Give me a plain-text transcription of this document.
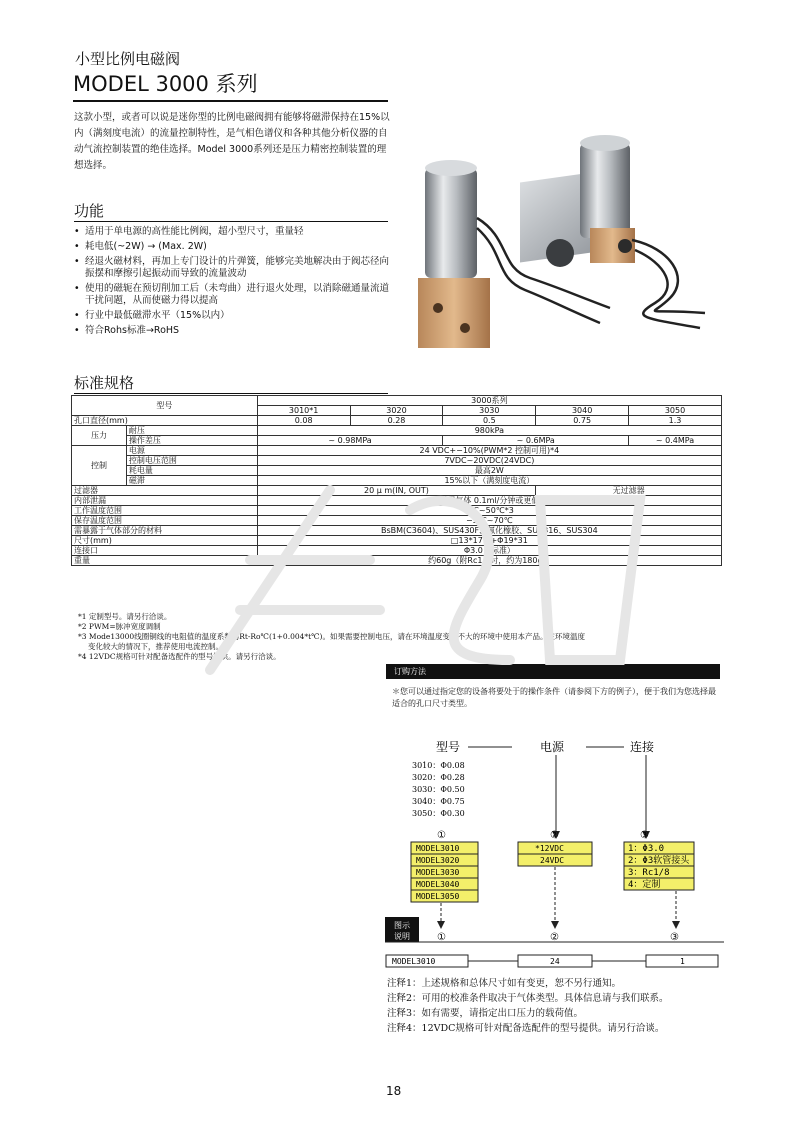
小型比例电磁阀
MODEL 3000 系列
这款小型，或者可以说是迷你型的比例电磁阀拥有能够将磁滞保持在15%以内（满刻度电流）的流量控制特性，是气相色谱仪和各种其他分析仪器的自动气流控制装置的绝佳选择。Model 3000系列还是压力精密控制装置的理想选择。
功能
• 适用于单电源的高性能比例阀，超小型尺寸，重量轻
• 耗电低(~2W) → (Max. 2W)
• 经退火磁材料，再加上专门设计的片弹簧，能够完美地解决由于阀芯径向振摆和摩擦引起振动而导致的流量波动
• 使用的磁轭在预切削加工后（未弯曲）进行退火处理，以消除磁通量流道干扰问题，从而使磁力得以提高
• 行业中最低磁滞水平（15%以内）
• 符合Rohs标准→RoHS
标准规格
型号		3000系列				
		3010*1	3020	3030	3040	3050
孔口直径(mm)		0.08	0.28	0.5	0.75	1.3
压力	耐压	980kPa				
	操作差压	~ 0.98MPa		~ 0.6MPa		~ 0.4MPa
控制	电源	24 VDC+−10%(PWM*2 控制可用)*4				
	控制电压范围	7VDC~20VDC(24VDC)				
	耗电量	最高2W				
	磁滞	15%以下（满刻度电流）				
过滤器		20 μ m(IN, OUT)			无过滤器	
内部泄漏		适用气体 0.1ml/分钟或更低				
工作温度范围		0℃~50℃*3				
保存温度范围		−5℃~70℃				
需暴露于气体部分的材料		BsBM(C3604)、SUS430F、氟化橡胶、SUS316、SUS304				
尺寸(mm)		□13*17.5+Φ19*31				
连接口		Φ3.0（标准）				
重量		约60g（附Rc1/8时，约为180g）				
*1 定制型号。请另行洽谈。
*2 PWM=脉冲宽度调制
*3 Mode13000线圈铜线的电阻值的温度系数为Rt-Ro℃(1+0.004*t℃)。如果需要控制电压，请在环境温度变化不大的环境中使用本产品。在环境温度
变化较大的情况下，推荐使用电流控制。
*4 12VDC规格可针对配备选配件的型号提供。请另行洽谈。
订购方法
＊您可以通过指定您的设备将要处于的操作条件（请参阅下方的例子），便于我们为您选择最适合的孔口尺寸类型。
型号	电源	连接
3010：Φ0.08
3020：Φ0.28
3030：Φ0.50
3040：Φ0.75
3050：Φ0.30
①	②	③
MODEL3010
MODEL3020
MODEL3030
MODEL3040
MODEL3050
*12VDC
24VDC
1：Φ3.0
2：Φ3软管接头
3：Rc1/8
4：定制
图示
说明	①	②	③
MODEL3010	24	1
注释1：上述规格和总体尺寸如有变更，恕不另行通知。
注释2：可用的校准条件取决于气体类型。具体信息请与我们联系。
注释3：如有需要，请指定出口压力的载荷值。
注释4：12VDC规格可针对配备选配件的型号提供。请另行洽谈。
18
